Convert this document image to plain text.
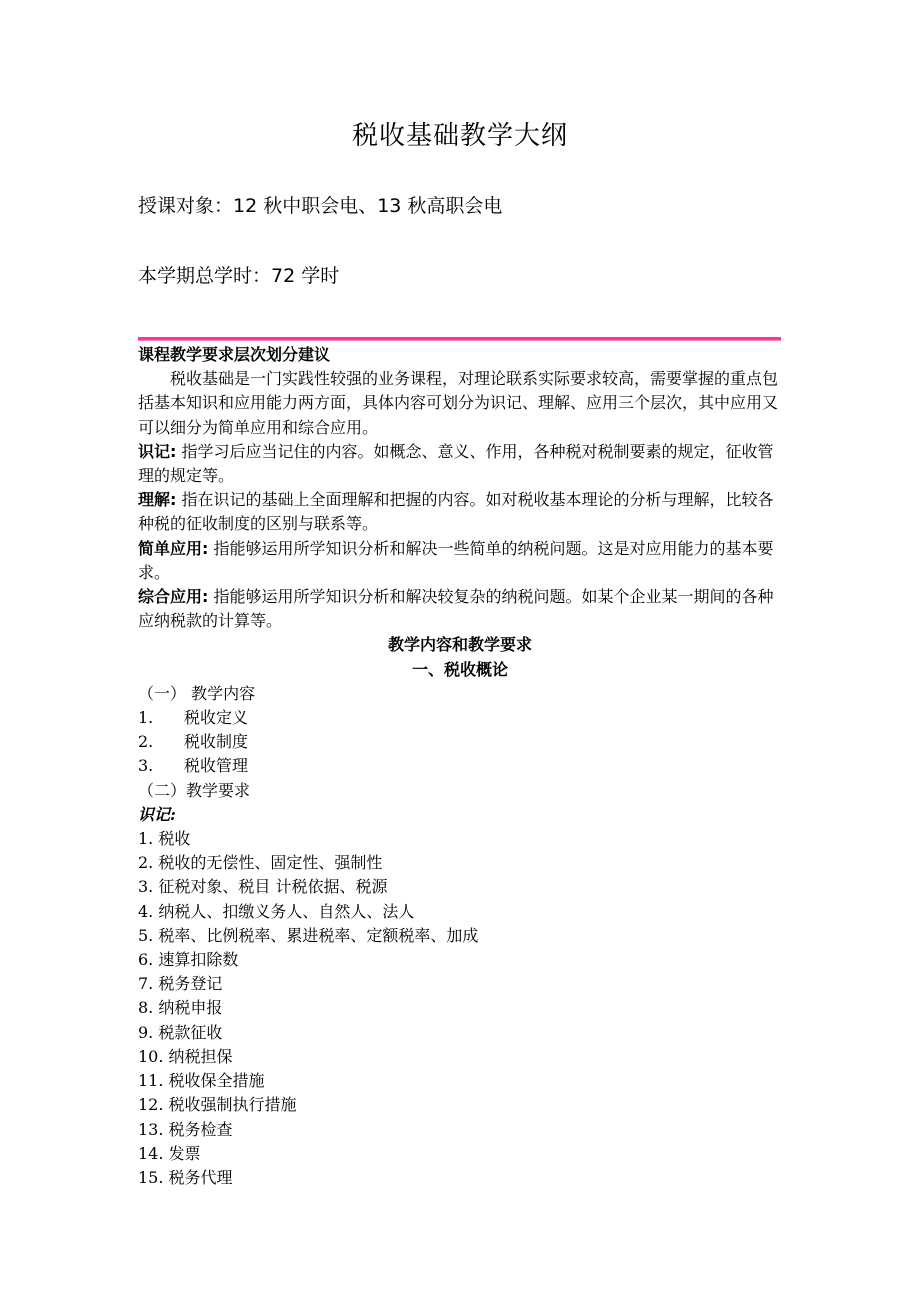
税收基础教学大纲
授课对象：12 秋中职会电、13 秋高职会电
本学期总学时：72 学时

课程教学要求层次划分建议

税收基础是一门实践性较强的业务课程，对理论联系实际要求较高，需要掌握的重点包括基本知识和应用能力两方面，具体内容可划分为识记、理解、应用三个层次，其中应用又可以细分为简单应用和综合应用。

识记: 指学习后应当记住的内容。如概念、意义、作用，各种税对税制要素的规定，征收管理的规定等。

理解: 指在识记的基础上全面理解和把握的内容。如对税收基本理论的分析与理解，比较各种税的征收制度的区别与联系等。

简单应用: 指能够运用所学知识分析和解决一些简单的纳税问题。这是对应用能力的基本要求。

综合应用: 指能够运用所学知识分析和解决较复杂的纳税问题。如某个企业某一期间的各种应纳税款的计算等。

教学内容和教学要求

一、税收概论

（一） 教学内容

1. 税收定义
2. 税收制度
3. 税收管理

（二）教学要求

识记:

1. 税收
2. 税收的无偿性、固定性、强制性
3. 征税对象、税目 计税依据、税源
4. 纳税人、扣缴义务人、自然人、法人
5. 税率、比例税率、累进税率、定额税率、加成
6. 速算扣除数
7. 税务登记
8. 纳税申报
9. 税款征收
10. 纳税担保
11. 税收保全措施
12. 税收强制执行措施
13. 税务检查
14. 发票
15. 税务代理
